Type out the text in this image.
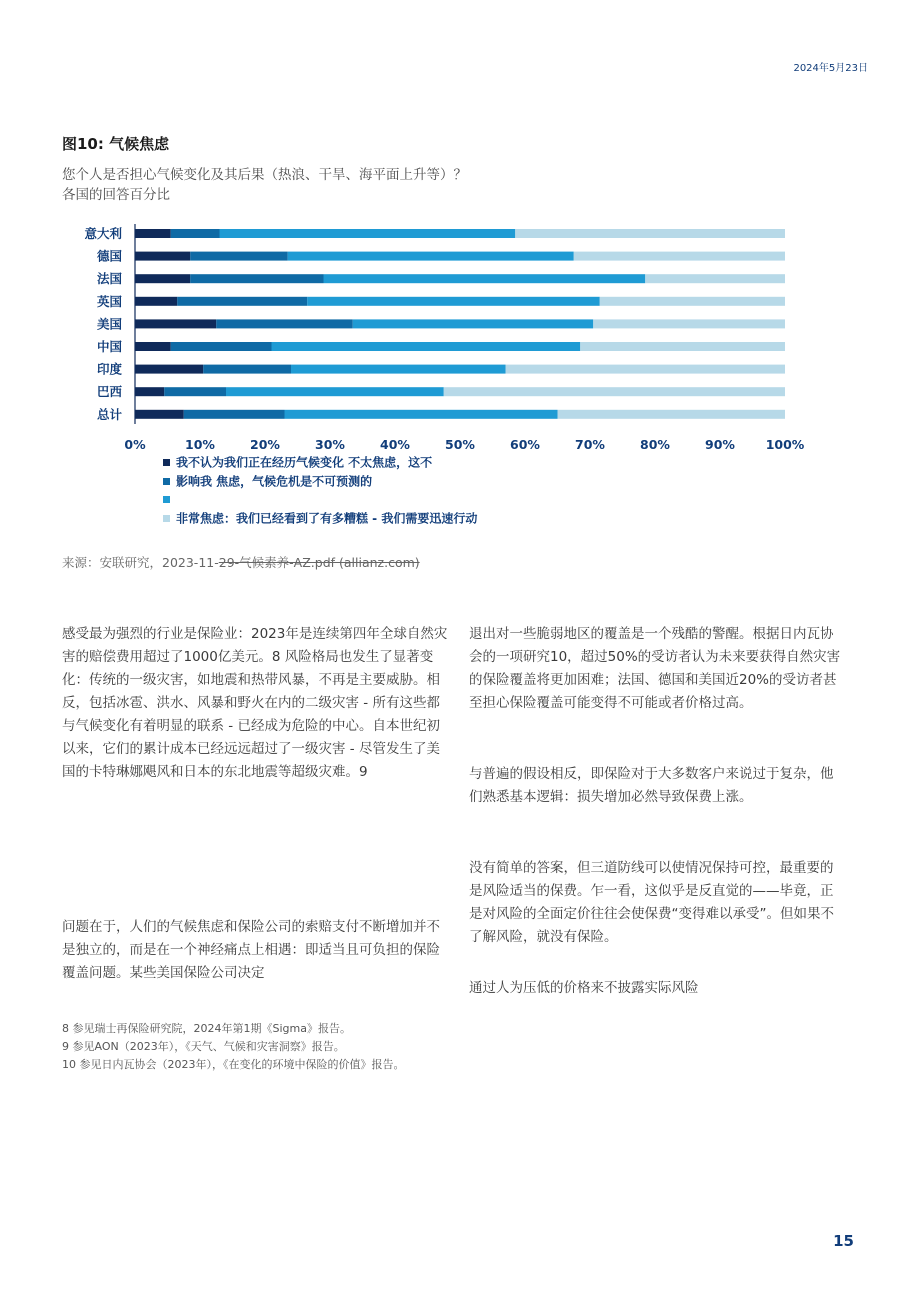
2024年5月23日
图10: 气候焦虑
您个人是否担心气候变化及其后果（热浪、干旱、海平面上升等）？
各国的回答百分比
意大利
德国
法国
英国
美国
中国
印度
巴西
总计
0%	10%	20%	30%	40%	50%	60%	70%	80%	90% 100%
我不认为我们正在经历气候变化 不太焦虑，这不
影响我 焦虑，气候危机是不可预测的
非常焦虑：我们已经看到了有多糟糕 - 我们需要迅速行动
来源：安联研究，2023-11-29-气候素养-AZ.pdf (allianz.com)

感受最为强烈的行业是保险业：2023年是连续第四年全球自然灾害的赔偿费用超过了1000亿美元。8 风险格局也发生了显著变化：传统的一级灾害，如地震和热带风暴，不再是主要威胁。相反，包括冰雹、洪水、风暴和野火在内的二级灾害 - 所有这些都与气候变化有着明显的联系 - 已经成为危险的中心。自本世纪初以来，它们的累计成本已经远远超过了一级灾害 - 尽管发生了美国的卡特琳娜飓风和日本的东北地震等超级灾难。9

问题在于，人们的气候焦虑和保险公司的索赔支付不断增加并不是独立的，而是在一个神经痛点上相遇：即适当且可负担的保险覆盖问题。某些美国保险公司决定

退出对一些脆弱地区的覆盖是一个残酷的警醒。根据日内瓦协会的一项研究10，超过50%的受访者认为未来要获得自然灾害的保险覆盖将更加困难；法国、德国和美国近20%的受访者甚至担心保险覆盖可能变得不可能或者价格过高。

与普遍的假设相反，即保险对于大多数客户来说过于复杂，他们熟悉基本逻辑：损失增加必然导致保费上涨。

没有简单的答案，但三道防线可以使情况保持可控，最重要的是风险适当的保费。乍一看，这似乎是反直觉的——毕竟，正是对风险的全面定价往往会使保费“变得难以承受”。但如果不了解风险，就没有保险。

通过人为压低的价格来不披露实际风险

8 参见瑞士再保险研究院，2024年第1期《Sigma》报告。
9 参见AON（2023年），《天气、气候和灾害洞察》报告。
10 参见日内瓦协会（2023年），《在变化的环境中保险的价值》报告。
15
